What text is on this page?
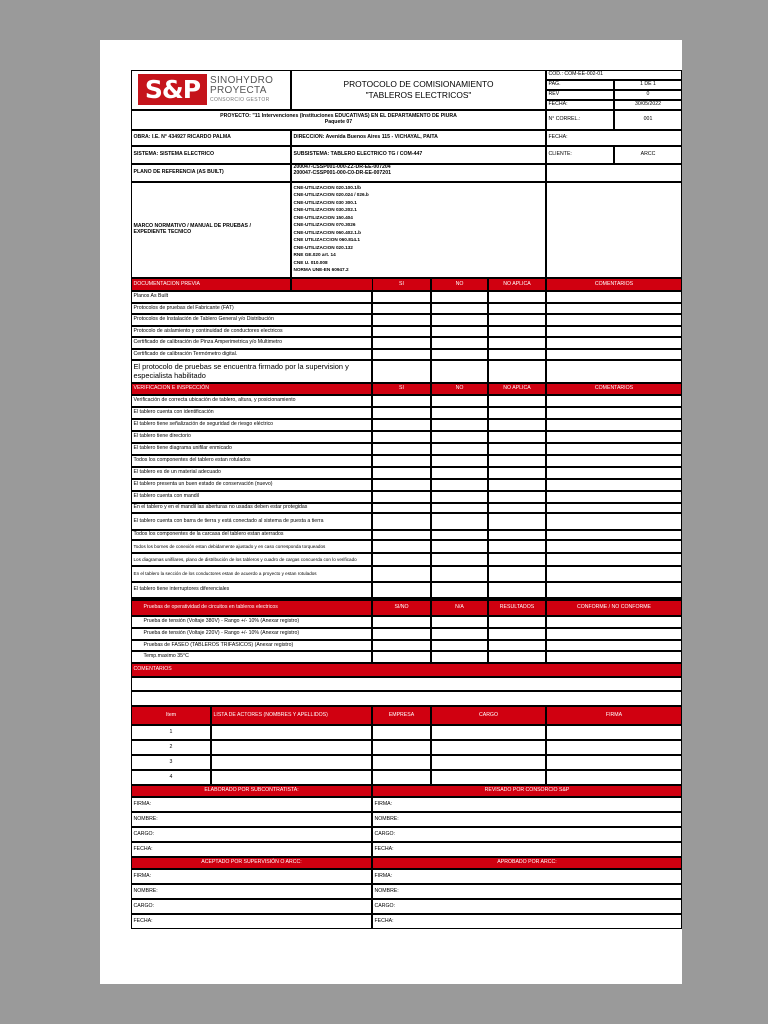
S&P SINOHYDRO
PROYECTA
CONSORCIO GESTOR
PROTOCOLO DE COMISIONAMIENTO
"TABLEROS ELECTRICOS"
COD.: COM-EE-002-01
PAG.	1 DE 1
REV	0
FECHA:	30/05/2022
PROYECTO: "11 Intervenciones (Instituciones EDUCATIVAS) EN EL DEPARTAMENTO DE PIURA
Paquete 07	N° CORREL.:	001
OBRA: I.E. N° 434927 RICARDO PALMA	DIRECCION: Avenida Buenos Aires 115 - VICHAYAL, PAITA	FECHA:
SISTEMA: SISTEMA ELECTRICO	SUBSISTEMA: TABLERO ELECTRICO TG / COM-447	CLIENTE:	ARCC
PLANO DE REFERENCIA (AS BUILT)
200047-CSSP001-000-ZZ-DR-EE-007204
200047-CSSP001-000-C0-DR-EE-007201
MARCO NORMATIVO / MANUAL DE PRUEBAS /
EXPEDIENTE TECNICO
CNE-UTILIZACION 020.100.1/b
CNE-UTILIZACION 020.024 / 026.b
CNE-UTILIZACION 030 300.1
CNE-UTILIZACION 030.202.1
CNE-UTILIZACION 150.404
CNE-UTILIZACION 070.3026
CNE-UTILIZACION 060.402.1.b
CNE UTILIZACCION 060.814.1
CNE-UTILIZACION 020.132
RNE GE.020 art. 14
CNE U. 010.008
NORMA UNE-EN 60947.2
DOCUMENTACION PREVIA	SI	NO	NO APLICA	COMENTARIOS
Planos As Built
Protocolos de pruebas del Fabricante (FAT)
Protocolos de Instalación de Tablero General y/o Distribución
Protocolo de aislamiento y continuidad de conductores electricos
Certificado de calibración de Pinza Amperimetrica y/o Multimetro
Certificado de calibración Termómetro digital.
El protocolo de pruebas se encuentra firmado por la supervision y especialista habilitado
VERIFICACION E INSPECCIÓN	SI	NO	NO APLICA	COMENTARIOS
Verificación de correcta ubicación de tablero, altura, y posicionamiento
El tablero cuenta con identificación
El tablero tiene señalización de seguridad de riesgo eléctrico
El tablero tiene directorio
El tablero tiene diagrama unifilar enmicado
Todos los componentes del tablero estan rotulados
El tablero es de un material adecuado
El tablero presenta un buen estado de conservación (nuevo)
El tablero cuenta con mandil
En el tablero y en el mandil las aberturas no usadas deben estar protegidas
El tablero cuenta con barra de tierra y está conectado al sistema de puesta a tierra
Todos los componentes de la carcasa del tablero estan aterrados
Todos los bornes de conexión estan debidamente ajustado y en caso corresponda torqueados
Los diagramas unifilares, plano de distribución de los tableros y cuadro de cargas concuerda con lo verificado
En el tablero la sección de los conductores estan de acuerdo a proyecto y estan rotulados
El tablero tiene interruptores diferenciales
Pruebas de operatividad de circuitos en tableros electricos	SI/NO	N/A	RESULTADOS	CONFORME / NO CONFORME
Prueba de tensión (Voltaje 380V) - Rango +/- 10% (Anexar registro)
Prueba de tensión (Voltaje 220V) - Rango +/- 10% (Anexar registro)
Pruebas de FASEO (TABLEROS TRIFASICOS) (Anexar registro)
Temp.maximo 35°C
COMENTARIOS
Item	LISTA DE ACTORES (NOMBRES Y APELLIDOS)	EMPRESA	CARGO	FIRMA
1
2
3
4
ELABORADO POR SUBCONTRATISTA:	REVISADO POR CONSORCIO S&P
FIRMA:	FIRMA:
NOMBRE:	NOMBRE:
CARGO:	CARGO:
FECHA:	FECHA:
ACEPTADO POR SUPERVISIÓN O ARCC:	APROBADO POR ARCC:
FIRMA:	FIRMA:
NOMBRE:	NOMBRE:
CARGO:	CARGO:
FECHA:	FECHA:
